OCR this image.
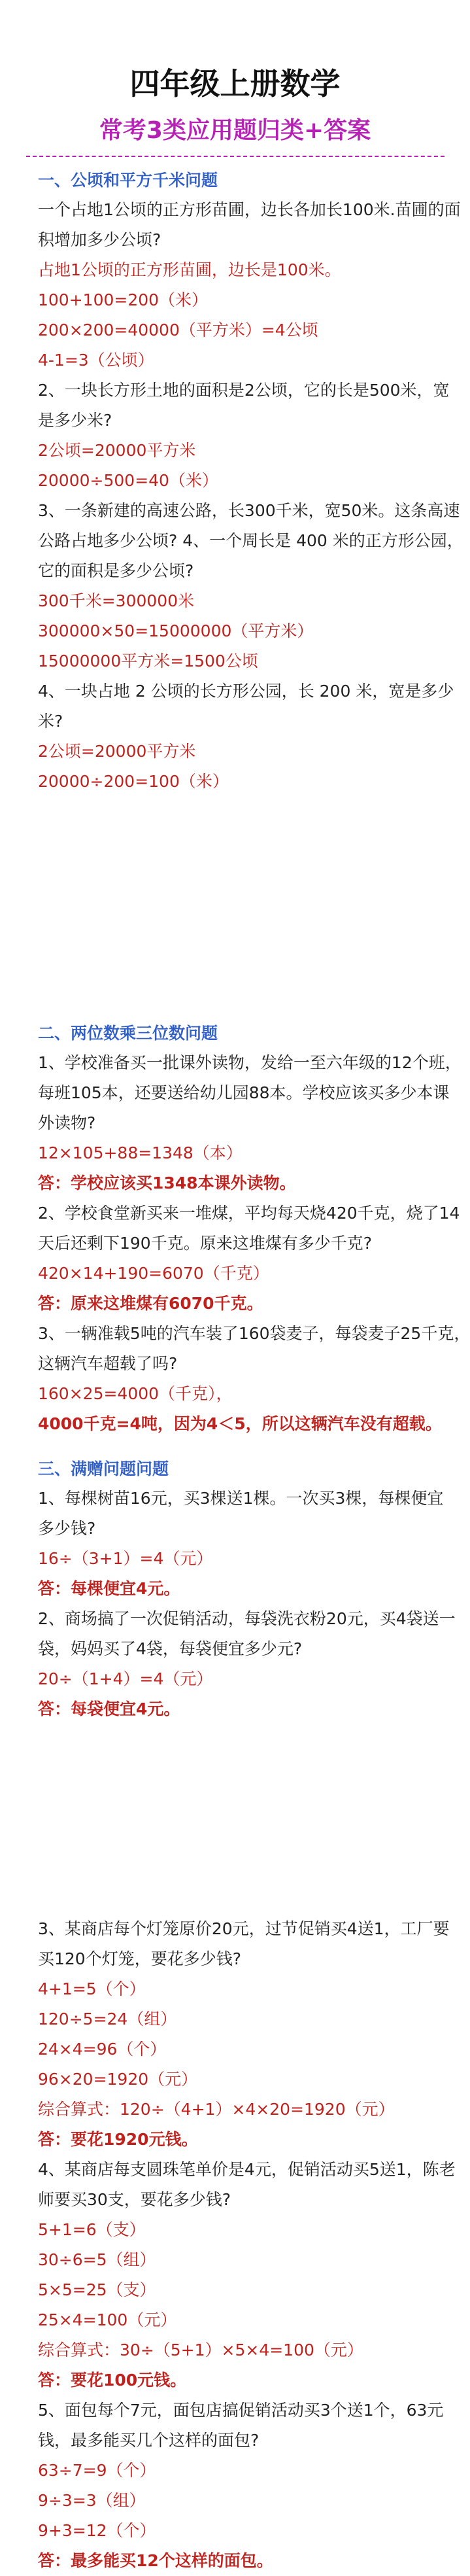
四年级上册数学
常考3类应用题归类+答案
一、公顷和平方千米问题
一个占地1公顷的正方形苗圃，边长各加长100米.苗圃的面
积增加多少公顷?
占地1公顷的正方形苗圃，边长是100米。
100+100=200（米）
200×200=40000（平方米）=4公顷
4-1=3（公顷）
2、一块长方形土地的面积是2公顷，它的长是500米，宽
是多少米?
2公顷=20000平方米
20000÷500=40（米）
3、一条新建的高速公路，长300千米，宽50米。这条高速
公路占地多少公顷? 4、一个周长是 400 米的正方形公园，
它的面积是多少公顷?
300千米=300000米
300000×50=15000000（平方米）
15000000平方米=1500公顷
4、一块占地 2 公顷的长方形公园，长 200 米，宽是多少
米?
2公顷=20000平方米
20000÷200=100（米）
二、两位数乘三位数问题
1、学校准备买一批课外读物，发给一至六年级的12个班，
每班105本，还要送给幼儿园88本。学校应该买多少本课
外读物?
12×105+88=1348（本）
答：学校应该买1348本课外读物。
2、学校食堂新买来一堆煤，平均每天烧420千克，烧了14
天后还剩下190千克。原来这堆煤有多少千克?
420×14+190=6070（千克）
答：原来这堆煤有6070千克。
3、一辆准载5吨的汽车装了160袋麦子，每袋麦子25千克，
这辆汽车超载了吗?
160×25=4000（千克），
4000千克=4吨，因为4＜5，所以这辆汽车没有超载。
三、满赠问题问题
1、每棵树苗16元，买3棵送1棵。一次买3棵，每棵便宜
多少钱?
16÷（3+1）=4（元）
答：每棵便宜4元。
2、商场搞了一次促销活动，每袋洗衣粉20元，买4袋送一
袋，妈妈买了4袋，每袋便宜多少元?
20÷（1+4）=4（元）
答：每袋便宜4元。
3、某商店每个灯笼原价20元，过节促销买4送1，工厂要
买120个灯笼，要花多少钱?
4+1=5（个）
120÷5=24（组）
24×4=96（个）
96×20=1920（元）
综合算式：120÷（4+1）×4×20=1920（元）
答：要花1920元钱。
4、某商店每支圆珠笔单价是4元，促销活动买5送1，陈老
师要买30支，要花多少钱?
5+1=6（支）
30÷6=5（组）
5×5=25（支）
25×4=100（元）
综合算式：30÷（5+1）×5×4=100（元）
答：要花100元钱。
5、面包每个7元，面包店搞促销活动买3个送1个，63元
钱，最多能买几个这样的面包?
63÷7=9（个）
9÷3=3（组）
9+3=12（个）
答：最多能买12个这样的面包。
